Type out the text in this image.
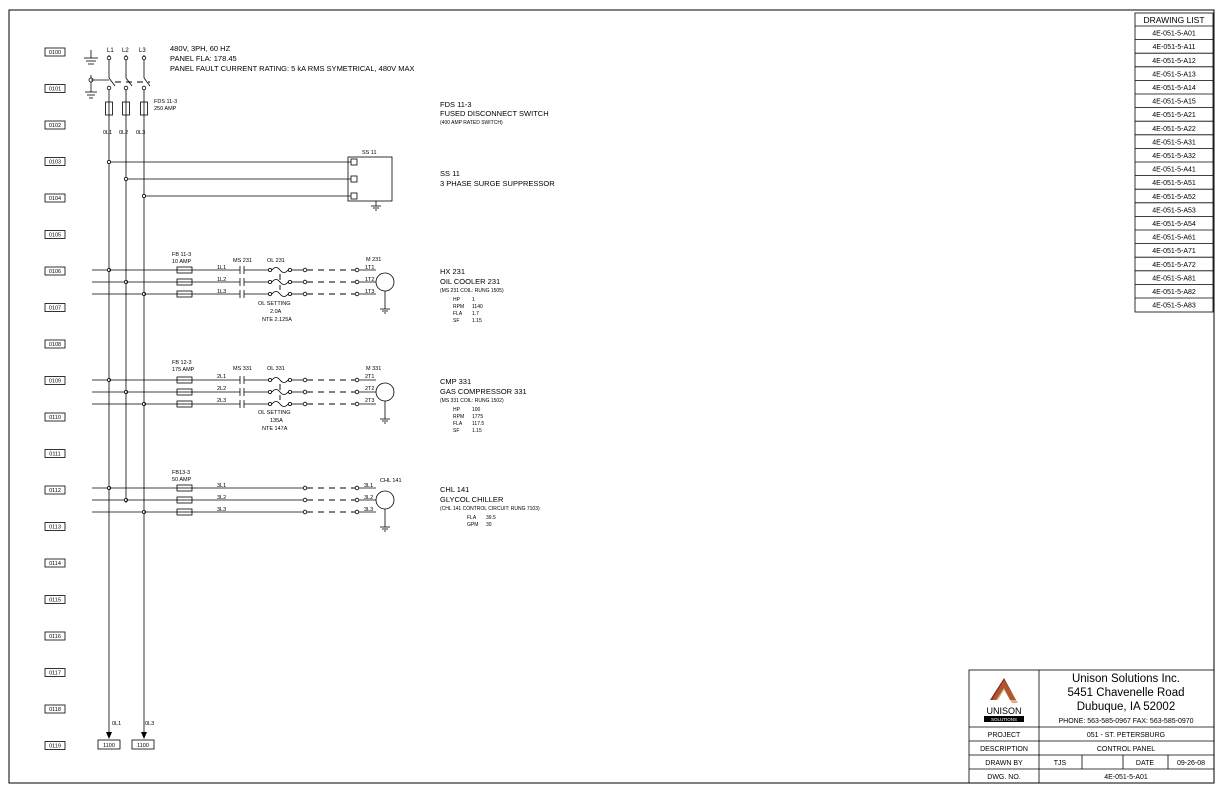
0100
0101
0102
0103
0104
0105
0106
0107
0108
0109
0110
0111
0112
0113
0114
0115
0116
0117
0118
0119
480V, 3PH, 60 HZ
PANEL FLA: 178.45
PANEL FAULT CURRENT RATING: 5 kA RMS SYMETRICAL, 480V MAX
L1 L2 L3
FDS 11-3
250 AMP
0L1 0L2 0L3
FDS 11-3
FUSED DISCONNECT SWITCH
(400 AMP RATED SWITCH)
SS 11
SS 11
3 PHASE SURGE SUPPRESSOR
FB 11-3
10 AMP	MS 231	OL 231
1L1
1L2
1L3
1T1
1T2
1T3
M 231
OL SETTING
2.0A
NTE 2.125A
HX 231
OIL COOLER 231
(MS 231 COIL: RUNG 1505)
HP 1
RPM 1140
FLA 1.7
SF	1.15
FB 12-3
175 AMP	MS 331	OL 331
2L1
2L2
2L3
2T1
2T2
2T3
M 331
OL SETTING
135A
NTE 147A
CMP 331
GAS COMPRESSOR 331
(MS 331 COIL: RUNG 1502)
HP 100
RPM 1775
FLA 117.5
SF	1.15
FB13-3
50 AMP
3L1
3L2
3L3
3L1
3L2
3L3
CHL 141
CHL 141
GLYCOL CHILLER
(CHL 141 CONTROL CIRCUIT: RUNG 7103)
FLA 39.5
GPM 30
0L1	0L3
1100	1100
DRAWING LIST
4E-051-5-A01
4E-051-5-A11
4E-051-5-A12
4E-051-5-A13
4E-051-5-A14
4E-051-5-A15
4E-051-5-A21
4E-051-5-A22
4E-051-5-A31
4E-051-5-A32
4E-051-5-A41
4E-051-5-A51
4E-051-5-A52
4E-051-5-A53
4E-051-5-A54
4E-051-5-A61
4E-051-5-A71
4E-051-5-A72
4E-051-5-A81
4E-051-5-A82
4E-051-5-A83
UNISON
SOLUTIONS
Unison Solutions Inc.
5451 Chavenelle Road
Dubuque, IA 52002
PHONE: 563-585-0967 FAX: 563-585-0970
PROJECT	051 - ST. PETERSBURG
DESCRIPTION	CONTROL PANEL
DRAWN BY	TJS	DATE	09-26-08
DWG. NO.	4E-051-5-A01
